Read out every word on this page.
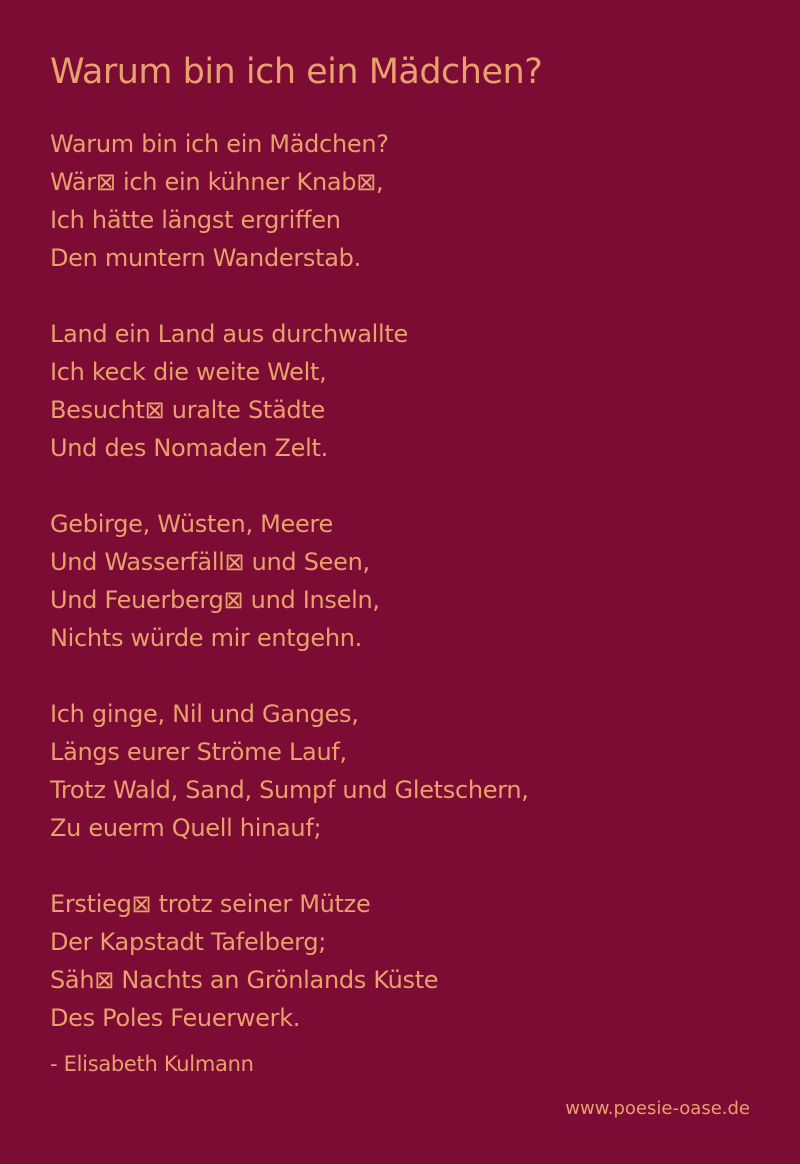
Warum bin ich ein Mädchen?
Warum bin ich ein Mädchen?
Wär⊠ ich ein kühner Knab⊠,
Ich hätte längst ergriffen
Den muntern Wanderstab.
Land ein Land aus durchwallte
Ich keck die weite Welt,
Besucht⊠ uralte Städte
Und des Nomaden Zelt.
Gebirge, Wüsten, Meere
Und Wasserfäll⊠ und Seen,
Und Feuerberg⊠ und Inseln,
Nichts würde mir entgehn.
Ich ginge, Nil und Ganges,
Längs eurer Ströme Lauf,
Trotz Wald, Sand, Sumpf und Gletschern,
Zu euerm Quell hinauf;
Erstieg⊠ trotz seiner Mütze
Der Kapstadt Tafelberg;
Säh⊠ Nachts an Grönlands Küste
Des Poles Feuerwerk.
- Elisabeth Kulmann
www.poesie-oase.de
